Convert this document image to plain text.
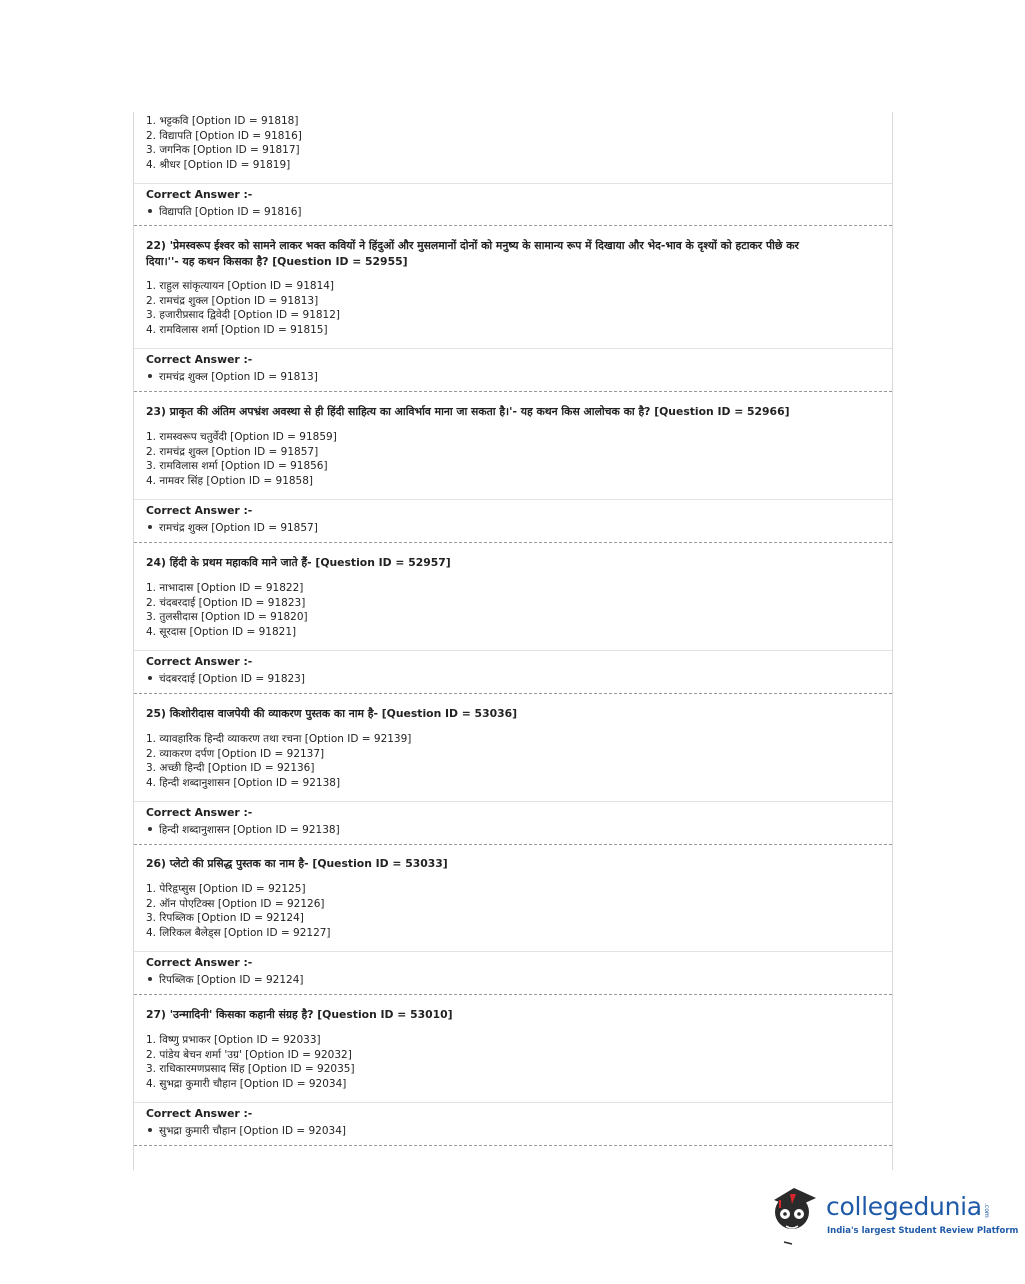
1. भट्टकवि [Option ID = 91818]
2. विद्यापति [Option ID = 91816]
3. जगनिक [Option ID = 91817]
4. श्रीधर [Option ID = 91819]
Correct Answer :-
विद्यापति [Option ID = 91816]
22) 'प्रेमस्वरूप ईश्वर को सामने लाकर भक्त कवियों ने हिंदुओं और मुसलमानों दोनों को मनुष्य के सामान्य रूप में दिखाया और भेद-भाव के दृश्यों को हटाकर पीछे कर
दिया।''- यह कथन किसका है? [Question ID = 52955]
1. राहुल सांकृत्यायन [Option ID = 91814]
2. रामचंद्र शुक्ल [Option ID = 91813]
3. हजारीप्रसाद द्विवेदी [Option ID = 91812]
4. रामविलास शर्मा [Option ID = 91815]
Correct Answer :-
रामचंद्र शुक्ल [Option ID = 91813]
23) प्राकृत की अंतिम अपभ्रंश अवस्था से ही हिंदी साहित्य का आविर्भाव माना जा सकता है।'- यह कथन किस आलोचक का है? [Question ID = 52966]
1. रामस्वरूप चतुर्वेदी [Option ID = 91859]
2. रामचंद्र शुक्ल [Option ID = 91857]
3. रामविलास शर्मा [Option ID = 91856]
4. नामवर सिंह [Option ID = 91858]
Correct Answer :-
रामचंद्र शुक्ल [Option ID = 91857]
24) हिंदी के प्रथम महाकवि माने जाते हैं- [Question ID = 52957]
1. नाभादास [Option ID = 91822]
2. चंदबरदाई [Option ID = 91823]
3. तुलसीदास [Option ID = 91820]
4. सूरदास [Option ID = 91821]
Correct Answer :-
चंदबरदाई [Option ID = 91823]
25) किशोरीदास वाजपेयी की व्याकरण पुस्तक का नाम है- [Question ID = 53036]
1. व्यावहारिक हिन्दी व्याकरण तथा रचना [Option ID = 92139]
2. व्याकरण दर्पण [Option ID = 92137]
3. अच्छी हिन्दी [Option ID = 92136]
4. हिन्दी शब्दानुशासन [Option ID = 92138]
Correct Answer :-
हिन्दी शब्दानुशासन [Option ID = 92138]
26) प्लेटो की प्रसिद्ध पुस्तक का नाम है- [Question ID = 53033]
1. पेरिहृप्सुस [Option ID = 92125]
2. ऑन पोएटिक्स [Option ID = 92126]
3. रिपब्लिक [Option ID = 92124]
4. लिरिकल बैलेड्स [Option ID = 92127]
Correct Answer :-
रिपब्लिक [Option ID = 92124]
27) 'उन्मादिनी' किसका कहानी संग्रह है? [Question ID = 53010]
1. विष्णु प्रभाकर [Option ID = 92033]
2. पांडेय बेचन शर्मा 'उग्र' [Option ID = 92032]
3. राधिकारमणप्रसाद सिंह [Option ID = 92035]
4. सुभद्रा कुमारी चौहान [Option ID = 92034]
Correct Answer :-
सुभद्रा कुमारी चौहान [Option ID = 92034]
collegedunia .com
India's largest Student Review Platform
